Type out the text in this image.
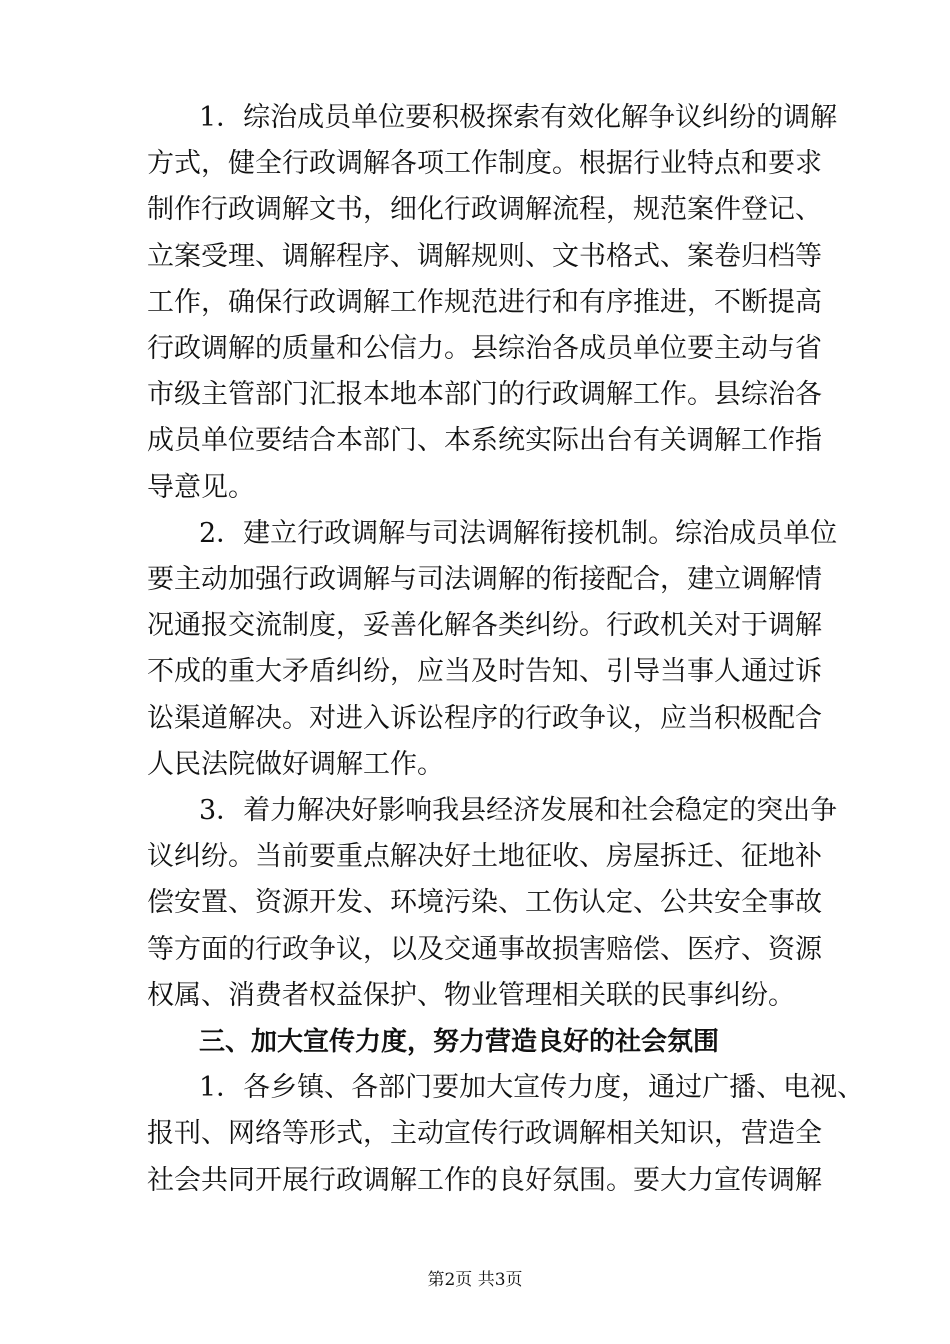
1．综治成员单位要积极探索有效化解争议纠纷的调解
方式，健全行政调解各项工作制度。根据行业特点和要求
制作行政调解文书，细化行政调解流程，规范案件登记、
立案受理、调解程序、调解规则、文书格式、案卷归档等
工作，确保行政调解工作规范进行和有序推进，不断提高
行政调解的质量和公信力。县综治各成员单位要主动与省
市级主管部门汇报本地本部门的行政调解工作。县综治各
成员单位要结合本部门、本系统实际出台有关调解工作指
导意见。
2．建立行政调解与司法调解衔接机制。综治成员单位
要主动加强行政调解与司法调解的衔接配合，建立调解情
况通报交流制度，妥善化解各类纠纷。行政机关对于调解
不成的重大矛盾纠纷，应当及时告知、引导当事人通过诉
讼渠道解决。对进入诉讼程序的行政争议，应当积极配合
人民法院做好调解工作。
3．着力解决好影响我县经济发展和社会稳定的突出争
议纠纷。当前要重点解决好土地征收、房屋拆迁、征地补
偿安置、资源开发、环境污染、工伤认定、公共安全事故
等方面的行政争议，以及交通事故损害赔偿、医疗、资源
权属、消费者权益保护、物业管理相关联的民事纠纷。
三、加大宣传力度，努力营造良好的社会氛围
1．各乡镇、各部门要加大宣传力度，通过广播、电视、
报刊、网络等形式，主动宣传行政调解相关知识，营造全
社会共同开展行政调解工作的良好氛围。要大力宣传调解
第2页 共3页
